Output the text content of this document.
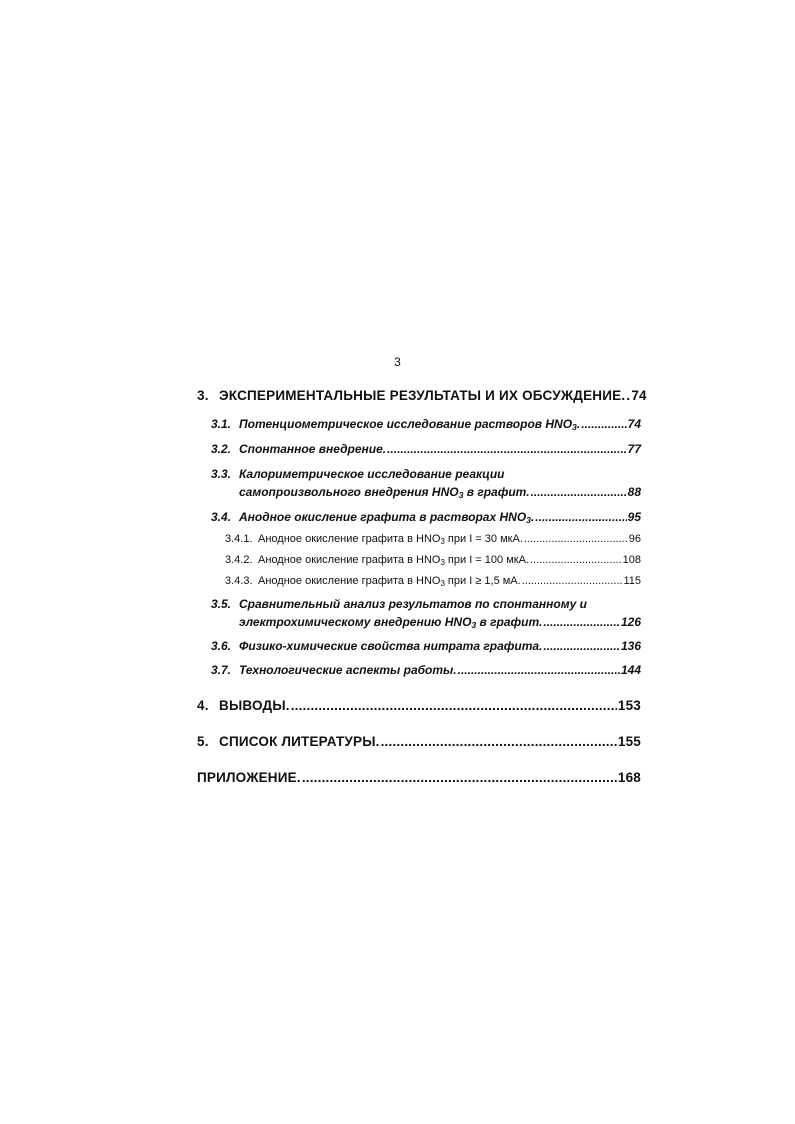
3
3. ЭКСПЕРИМЕНТАЛЬНЫЕ РЕЗУЛЬТАТЫ И ИХ ОБСУЖДЕНИЕ. ..... 74
3.1. Потенциометрическое исследование растворов $HNO_3$. .....	74
3.2. Спонтанное внедрение. .....	77
3.3. Калориметрическое исследование реакции
самопроизвольного внедрения $HNO_3$ в графит. .....	88
3.4. Анодное окисление графита в растворах $HNO_3$. .....	95
3.4.1. Анодное окисление графита в $HNO_3$ при I = 30 мкА. .....	96
3.4.2. Анодное окисление графита в $HNO_3$ при I = 100 мкА. .....	108
3.4.3. Анодное окисление графита в $HNO_3$ при I ≥ 1,5 мА. .....	115
3.5. Сравнительный анализ результатов по спонтанному и
электрохимическому внедрению $HNO_3$ в графит. .....	126
3.6. Физико-химические свойства нитрата графита. .....	136
3.7. Технологические аспекты работы. .....	144
4. ВЫВОДЫ. .....	153
5. СПИСОК ЛИТЕРАТУРЫ. .....	155
ПРИЛОЖЕНИЕ. .....	168
